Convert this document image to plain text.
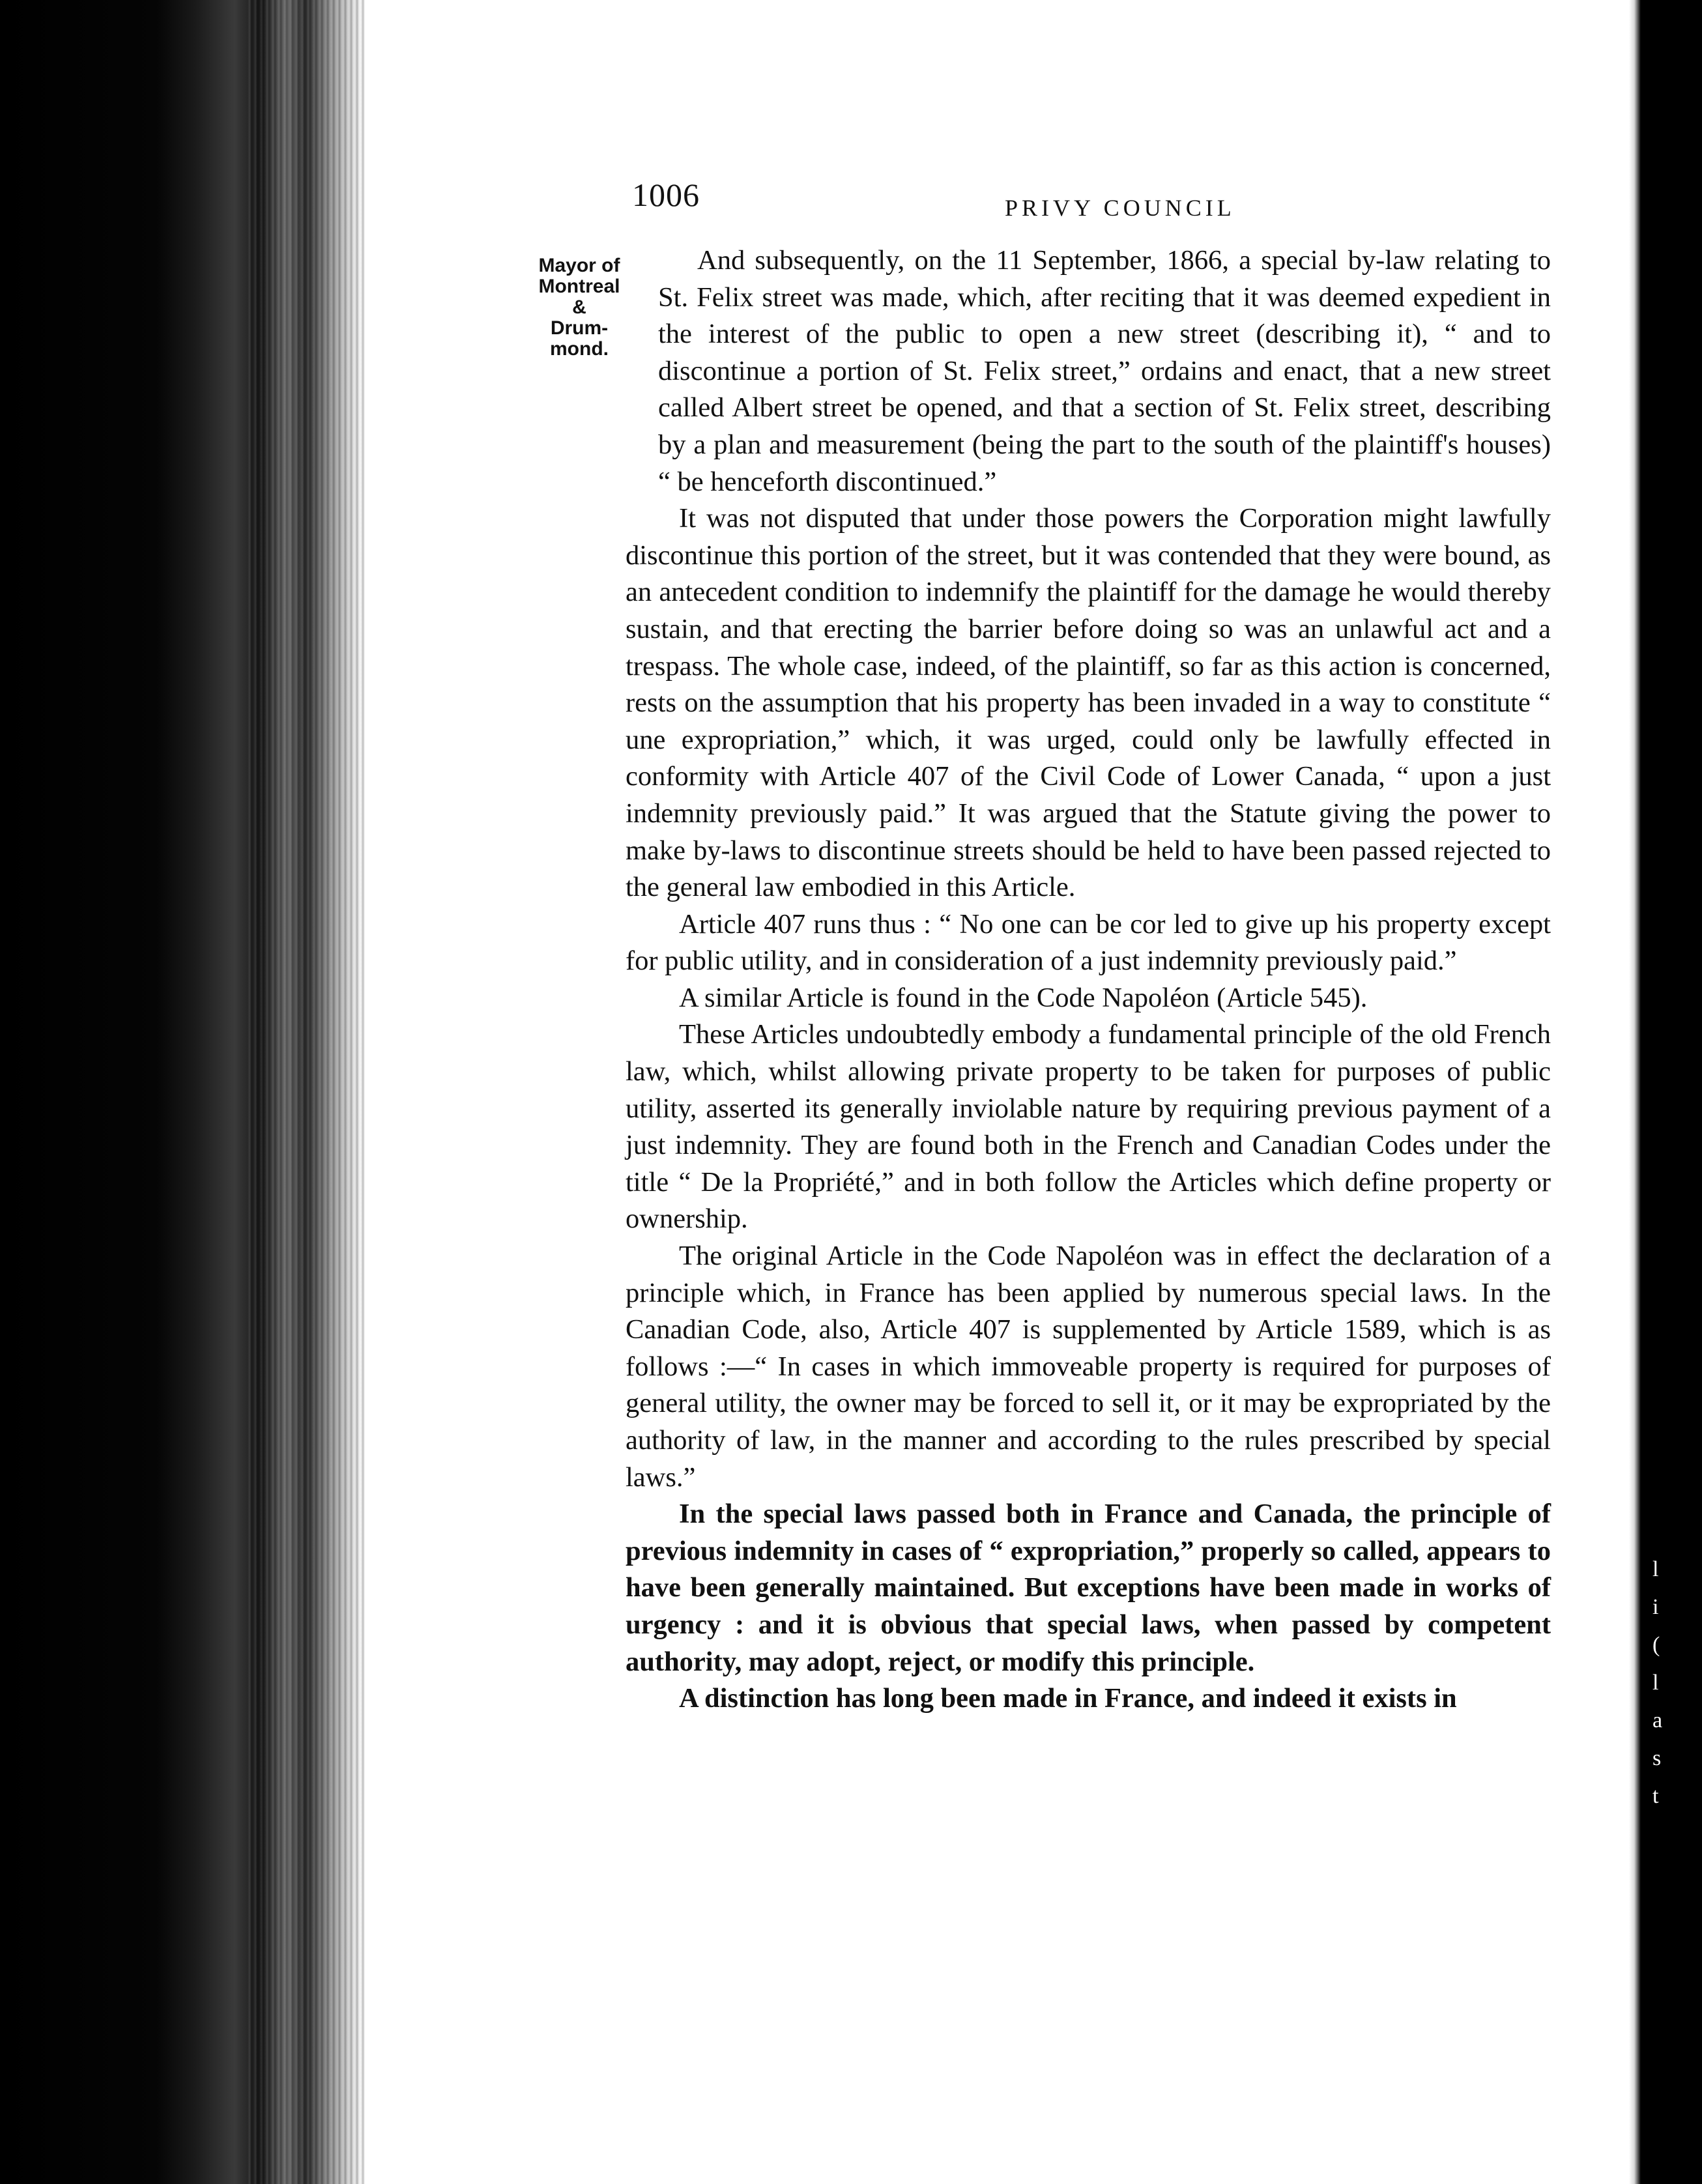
l
i
(
l
a
s
t
1006	PRIVY COUNCIL
Mayor of
Montreal
&
Drum-
mond.

And subsequently, on the 11 September, 1866, a special by-law relating to St. Felix street was made, which, after reciting that it was deemed expedient in the interest of the public to open a new street (describing it), “ and to discontinue a portion of St. Felix street,” ordains and enact, that a new street called Albert street be opened, and that a section of St. Felix street, describing by a plan and measurement (being the part to the south of the plaintiff's houses) “ be henceforth discontinued.”

It was not disputed that under those powers the Corporation might lawfully discontinue this portion of the street, but it was contended that they were bound, as an antecedent condition to indemnify the plaintiff for the damage he would thereby sustain, and that erecting the barrier before doing so was an unlawful act and a trespass. The whole case, indeed, of the plaintiff, so far as this action is concerned, rests on the assumption that his property has been invaded in a way to constitute “ une expropriation,” which, it was urged, could only be lawfully effected in conformity with Article 407 of the Civil Code of Lower Canada, “ upon a just indemnity previously paid.” It was argued that the Statute giving the power to make by-laws to discontinue streets should be held to have been passed rejected to the general law embodied in this Article.

Article 407 runs thus : “ No one can be cor led to give up his property except for public utility, and in consideration of a just indemnity previously paid.”

A similar Article is found in the Code Napoléon (Article 545).

These Articles undoubtedly embody a fundamental principle of the old French law, which, whilst allowing private property to be taken for purposes of public utility, asserted its generally inviolable nature by requiring previous payment of a just indemnity. They are found both in the French and Canadian Codes under the title “ De la Propriété,” and in both follow the Articles which define property or ownership.

The original Article in the Code Napoléon was in effect the declaration of a principle which, in France has been applied by numerous special laws. In the Canadian Code, also, Article 407 is supplemented by Article 1589, which is as follows :—“ In cases in which immoveable property is required for purposes of general utility, the owner may be forced to sell it, or it may be expropriated by the authority of law, in the manner and according to the rules prescribed by special laws.”

In the special laws passed both in France and Canada, the principle of previous indemnity in cases of “ expropriation,” properly so called, appears to have been generally maintained. But exceptions have been made in works of urgency : and it is obvious that special laws, when passed by competent authority, may adopt, reject, or modify this principle.

A distinction has long been made in France, and indeed it exists in
